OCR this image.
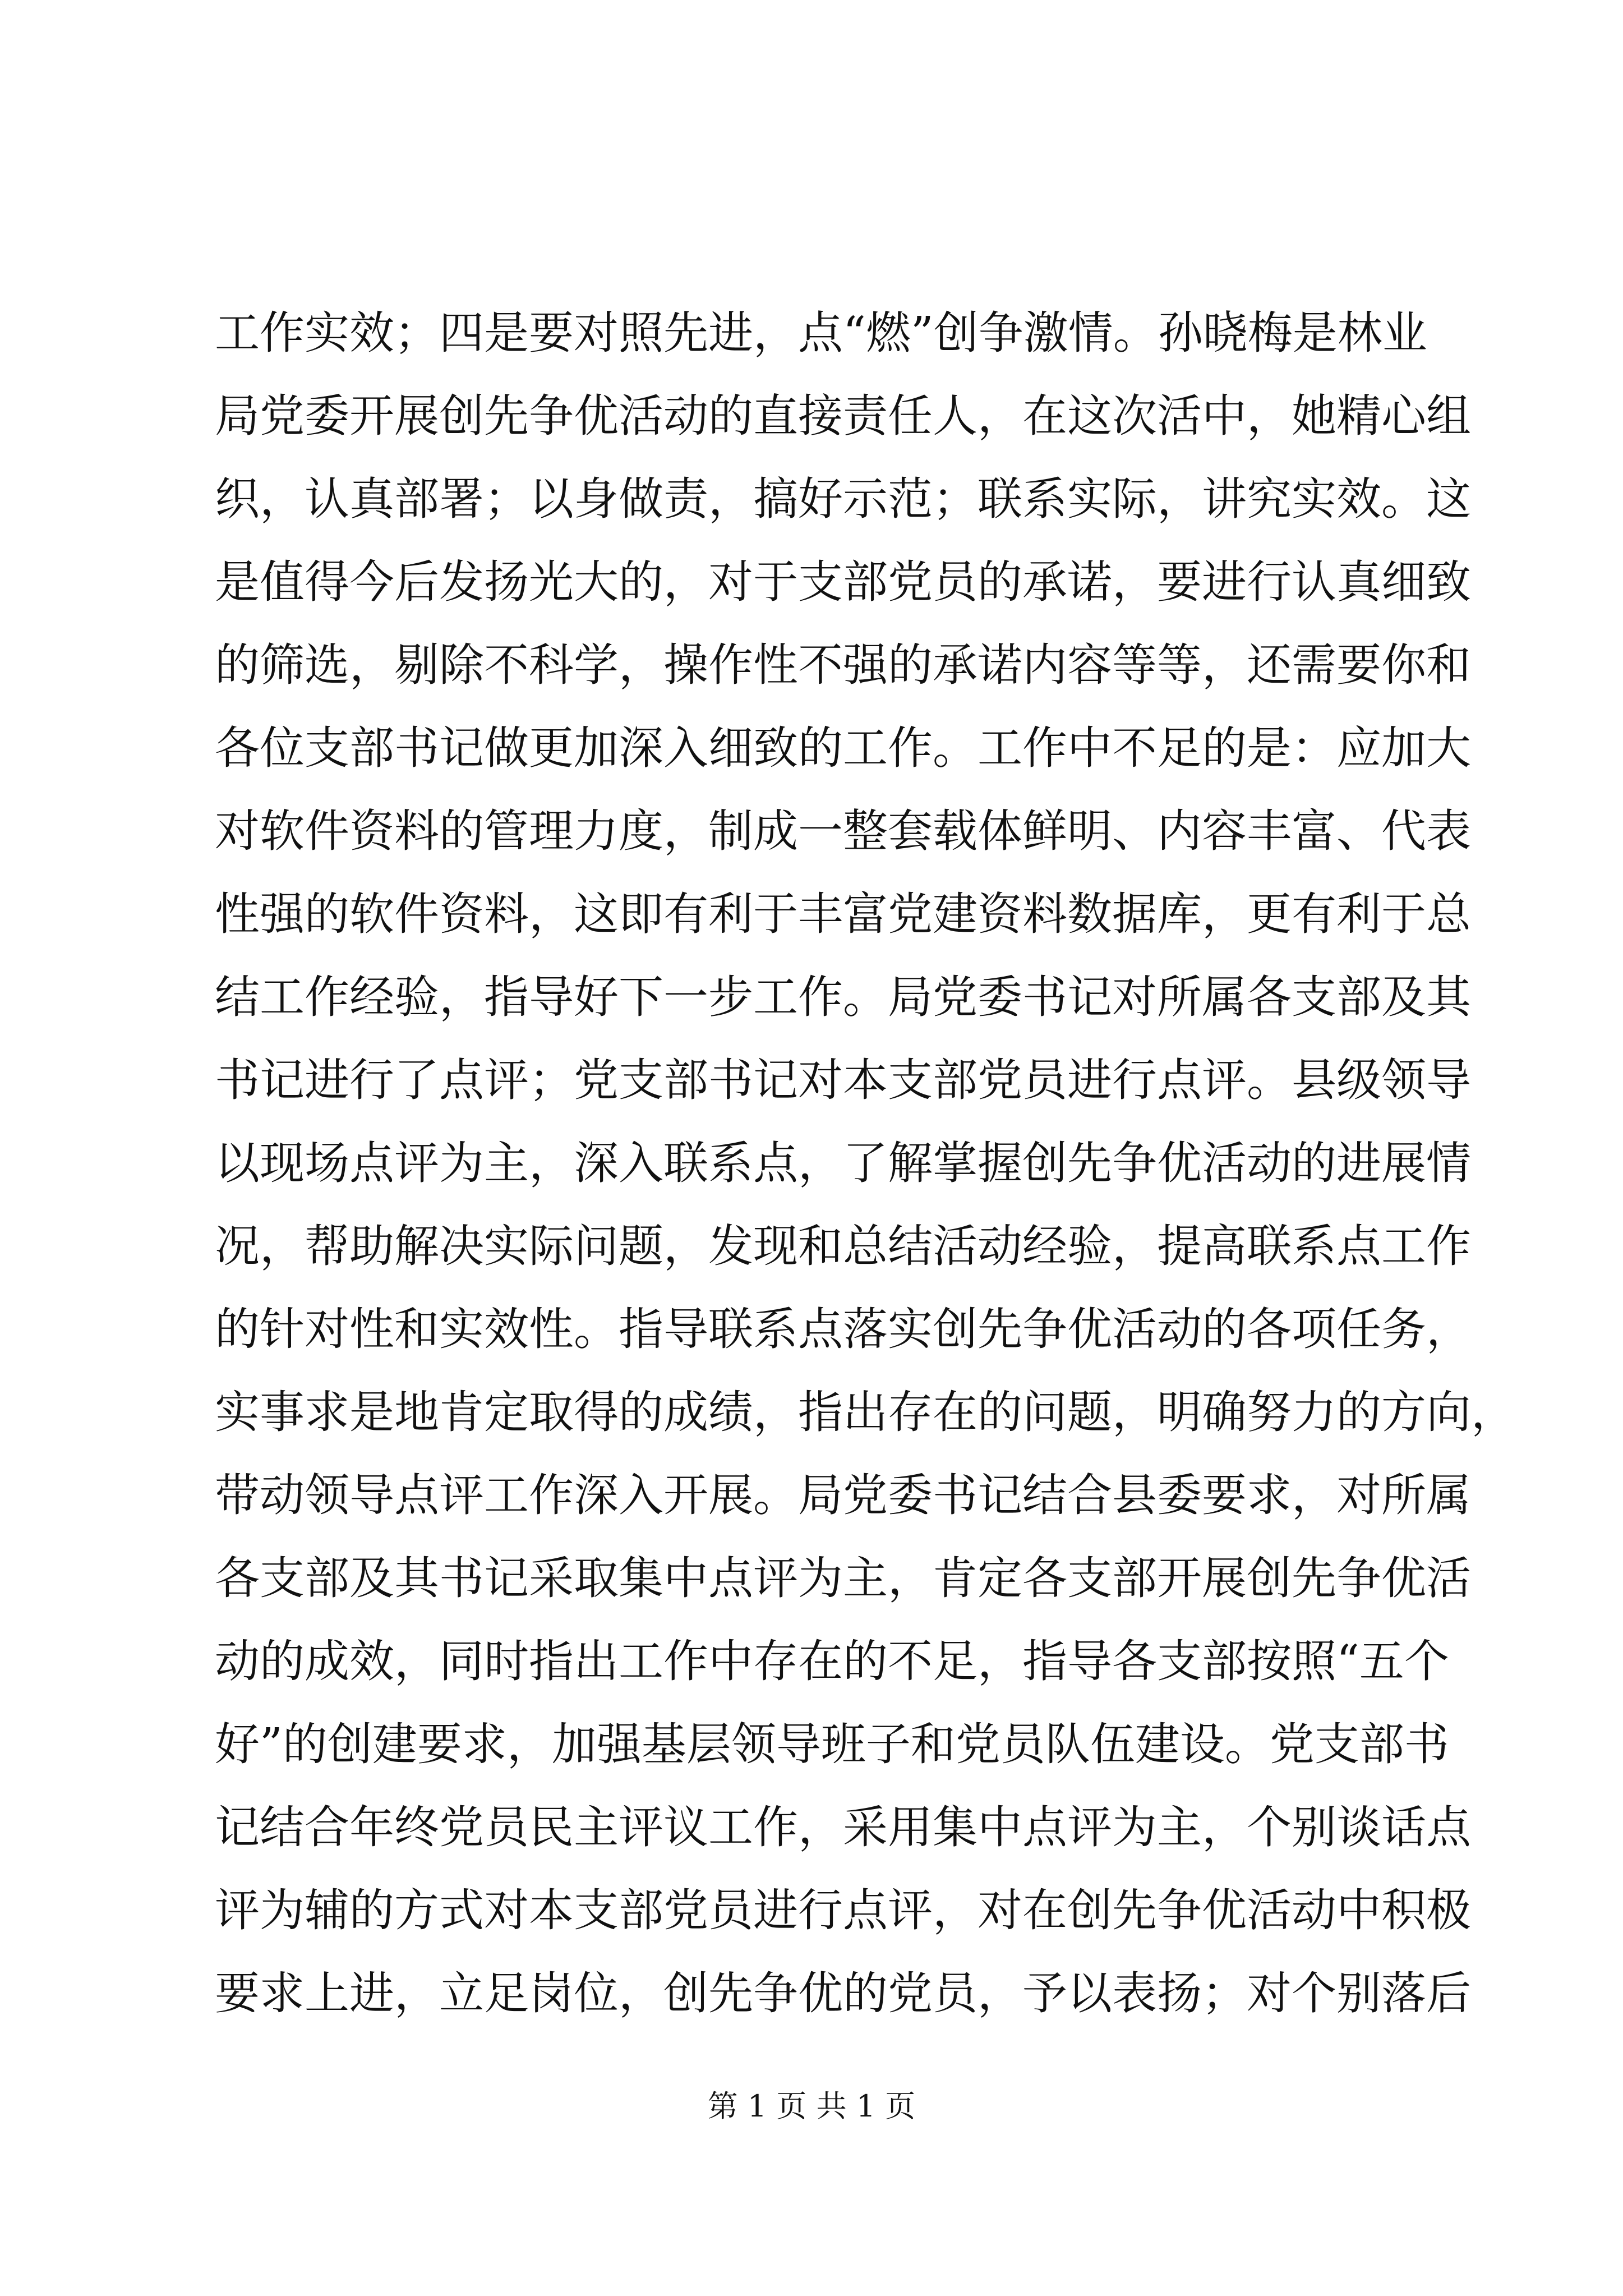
工作实效；四是要对照先进，点“燃”创争激情。孙晓梅是林业
局党委开展创先争优活动的直接责任人，在这次活中，她精心组
织，认真部署；以身做责，搞好示范；联系实际，讲究实效。这
是值得今后发扬光大的，对于支部党员的承诺，要进行认真细致
的筛选，剔除不科学，操作性不强的承诺内容等等，还需要你和
各位支部书记做更加深入细致的工作。工作中不足的是：应加大
对软件资料的管理力度，制成一整套载体鲜明、内容丰富、代表
性强的软件资料，这即有利于丰富党建资料数据库，更有利于总
结工作经验，指导好下一步工作。局党委书记对所属各支部及其
书记进行了点评；党支部书记对本支部党员进行点评。县级领导
以现场点评为主，深入联系点，了解掌握创先争优活动的进展情
况，帮助解决实际问题，发现和总结活动经验，提高联系点工作
的针对性和实效性。指导联系点落实创先争优活动的各项任务，
实事求是地肯定取得的成绩，指出存在的问题，明确努力的方向，
带动领导点评工作深入开展。局党委书记结合县委要求，对所属
各支部及其书记采取集中点评为主，肯定各支部开展创先争优活
动的成效，同时指出工作中存在的不足，指导各支部按照“五个
好”的创建要求，加强基层领导班子和党员队伍建设。党支部书
记结合年终党员民主评议工作，采用集中点评为主，个别谈话点
评为辅的方式对本支部党员进行点评，对在创先争优活动中积极
要求上进，立足岗位，创先争优的党员，予以表扬；对个别落后
第 1 页 共 1 页
